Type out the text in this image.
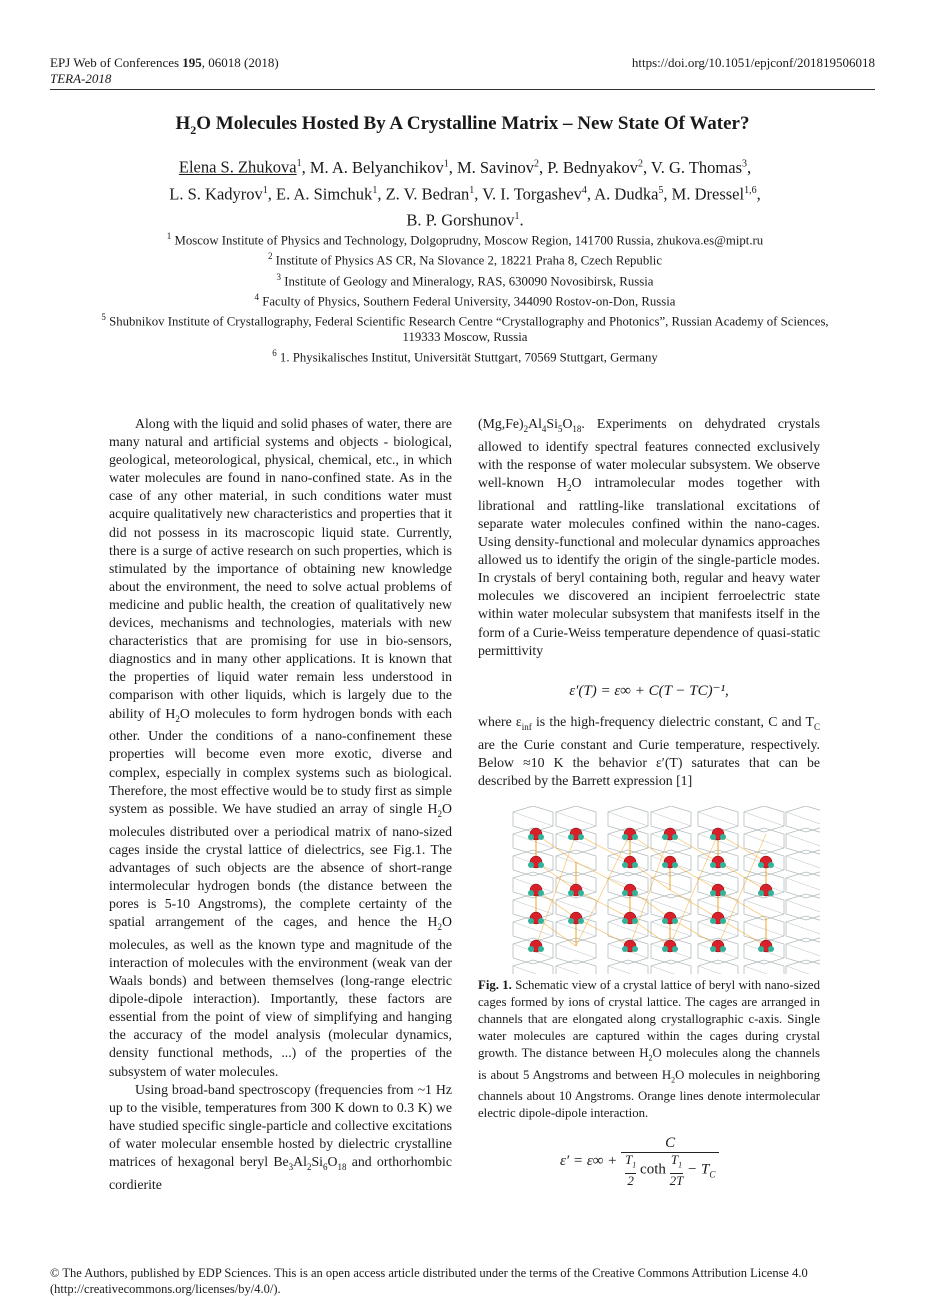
EPJ Web of Conferences 195, 06018 (2018)
TERA-2018
https://doi.org/10.1051/epjconf/201819506018
$H_2O$ Molecules Hosted By A Crystalline Matrix – New State Of Water?
Elena S. Zhukova$^1$, M. A. Belyanchikov$^1$, M. Savinov$^2$, P. Bednyakov$^2$, V. G. Thomas$^3$,
L. S. Kadyrov$^1$, E. A. Simchuk$^1$, Z. V. Bedran$^1$, V. I. Torgashev$^4$, A. Dudka$^5$, M. Dressel$^{1,6}$,
B. P. Gorshunov$^1$.
$^1$ Moscow Institute of Physics and Technology, Dolgoprudny, Moscow Region, 141700 Russia, zhukova.es@mipt.ru
$^2$ Institute of Physics AS CR, Na Slovance 2, 18221 Praha 8, Czech Republic
$^3$ Institute of Geology and Mineralogy, RAS, 630090 Novosibirsk, Russia
$^4$ Faculty of Physics, Southern Federal University, 344090 Rostov-on-Don, Russia
$^5$ Shubnikov Institute of Crystallography, Federal Scientific Research Centre “Crystallography and Photonics”, Russian Academy of Sciences, 119333 Moscow, Russia
$^6$ 1. Physikalisches Institut, Universität Stuttgart, 70569 Stuttgart, Germany

Along with the liquid and solid phases of water, there are many natural and artificial systems and objects - biological, geological, meteorological, physical, chemical, etc., in which water molecules are found in nano-confined state. As in the case of any other material, in such conditions water must acquire qualitatively new characteristics and properties that it did not possess in its macroscopic liquid state. Currently, there is a surge of active research on such properties, which is stimulated by the importance of obtaining new knowledge about the environment, the need to solve actual problems of medicine and public health, the creation of qualitatively new devices, mechanisms and technologies, materials with new characteristics that are promising for use in bio-sensors, diagnostics and in many other applications. It is known that the properties of liquid water remain less understood in comparison with other liquids, which is largely due to the ability of $H_2O$ molecules to form hydrogen bonds with each other. Under the conditions of a nano-confinement these properties will become even more exotic, diverse and complex, especially in complex systems such as biological. Therefore, the most effective would be to study first as simple system as possible. We have studied an array of single $H_2O$ molecules distributed over a periodical matrix of nano-sized cages inside the crystal lattice of dielectrics, see Fig.1. The advantages of such objects are the absence of short-range intermolecular hydrogen bonds (the distance between the pores is 5-10 Angstroms), the complete certainty of the spatial arrangement of the cages, and hence the $H_2O$ molecules, as well as the known type and magnitude of the interaction of molecules with the environment (weak van der Waals bonds) and between themselves (long-range electric dipole-dipole interaction). Importantly, these factors are essential from the point of view of simplifying and hanging the accuracy of the model analysis (molecular dynamics, density functional methods, ...) of the properties of the subsystem of water molecules.

Using broad-band spectroscopy (frequencies from ~1 Hz up to the visible, temperatures from 300 K down to 0.3 K) we have studied specific single-particle and collective excitations of water molecular ensemble hosted by dielectric crystalline matrices of hexagonal beryl $Be_3Al_2Si_6O_{18}$ and orthorhombic cordierite

$(Mg,Fe)_2Al_4Si_5O_{18}$. Experiments on dehydrated crystals allowed to identify spectral features connected exclusively with the response of water molecular subsystem. We observe well-known $H_2O$ intramolecular modes together with librational and rattling-like translational excitations of separate water molecules confined within the nano-cages. Using density-functional and molecular dynamics approaches allowed us to identify the origin of the single-particle modes. In crystals of beryl containing both, regular and heavy water molecules we discovered an incipient ferroelectric state within water molecular subsystem that manifests itself in the form of a Curie-Weiss temperature dependence of quasi-static permittivity

ε′(T) = ε∞ + C(T − TC)⁻¹,

where $\varepsilon_{inf}$ is the high-frequency dielectric constant, C and $T_C$ are the Curie constant and Curie temperature, respectively. Below ≈10 K the behavior ε′(T) saturates that can be described by the Barrett expression [1]

Fig. 1. Schematic view of a crystal lattice of beryl with nano-sized cages formed by ions of crystal lattice. The cages are arranged in channels that are elongated along crystallographic c-axis. Single water molecules are captured within the cages during crystal growth. The distance between $H_2O$ molecules along the channels is about 5 Angstroms and between $H_2O$ molecules in neighboring channels about 10 Angstroms. Orange lines denote intermolecular electric dipole-dipole interaction.
$\varepsilon' = \varepsilon\infty + \frac{C}{\frac{T_1}{2} \cot h \frac{T_1}{2T} - T_C}$
© The Authors, published by EDP Sciences. This is an open access article distributed under the terms of the Creative Commons Attribution License 4.0
(http://creativecommons.org/licenses/by/4.0/).
